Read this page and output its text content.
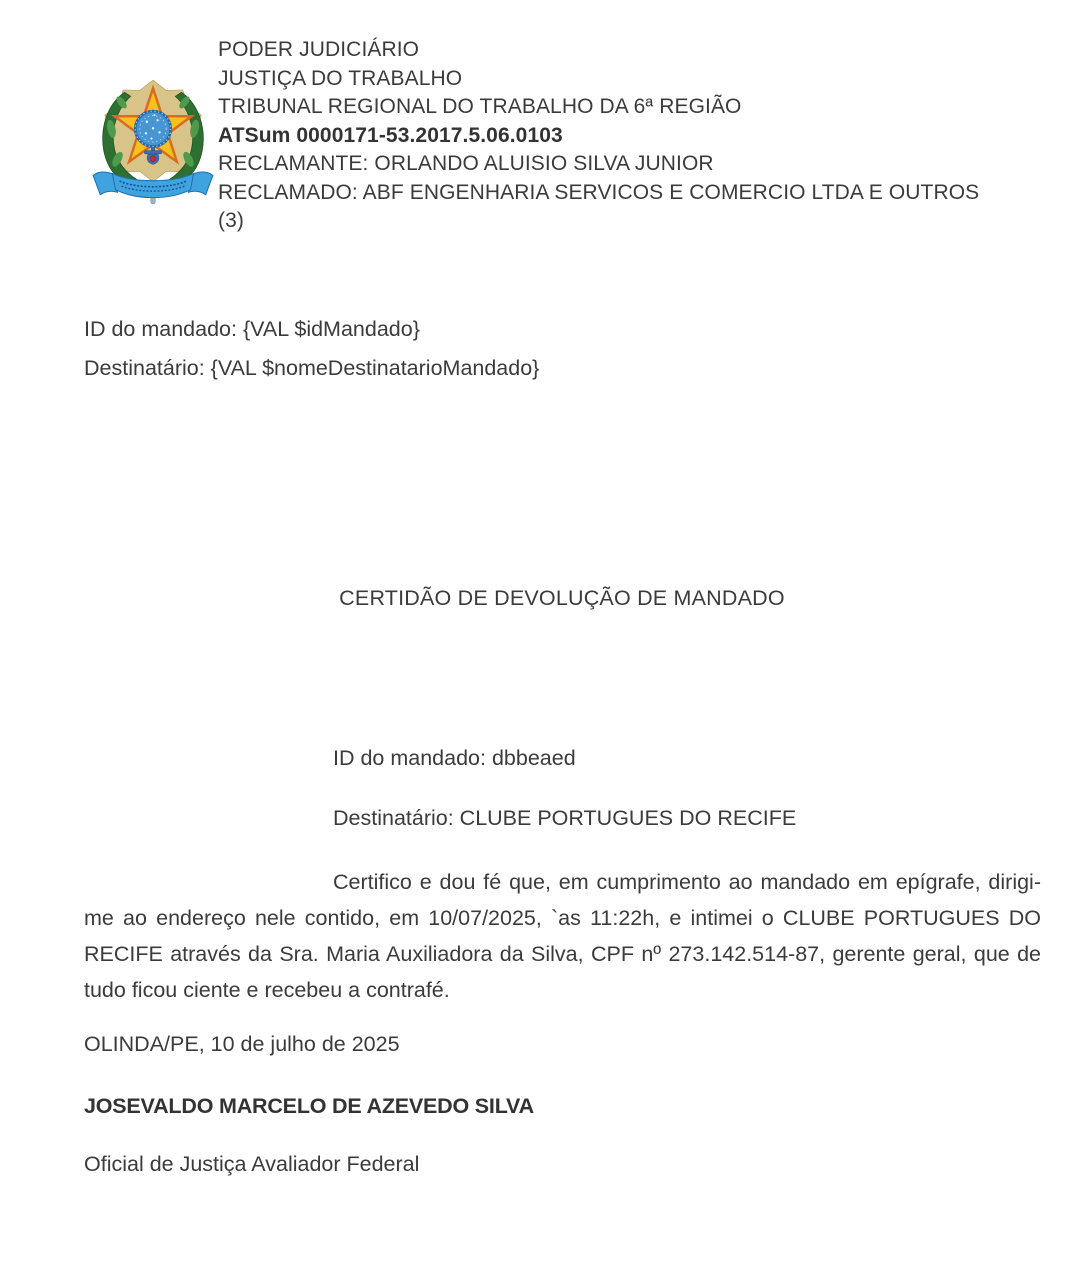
PODER JUDICIÁRIO
JUSTIÇA DO TRABALHO
TRIBUNAL REGIONAL DO TRABALHO DA 6ª REGIÃO
ATSum 0000171-53.2017.5.06.0103
RECLAMANTE: ORLANDO ALUISIO SILVA JUNIOR
RECLAMADO: ABF ENGENHARIA SERVICOS E COMERCIO LTDA E OUTROS
(3)
ID do mandado: {VAL $idMandado}
Destinatário: {VAL $nomeDestinatarioMandado}
CERTIDÃO DE DEVOLUÇÃO DE MANDADO
ID do mandado: dbbeaed
Destinatário: CLUBE PORTUGUES DO RECIFE
Certifico e dou fé que, em cumprimento ao mandado em epígrafe, dirigi-me ao endereço nele contido, em 10/07/2025, `as 11:22h, e intimei o CLUBE PORTUGUES DO RECIFE através da Sra. Maria Auxiliadora da Silva, CPF nº 273.142.514-87, gerente geral, que de tudo ficou ciente e recebeu a contrafé.
OLINDA/PE, 10 de julho de 2025
JOSEVALDO MARCELO DE AZEVEDO SILVA
Oficial de Justiça Avaliador Federal
